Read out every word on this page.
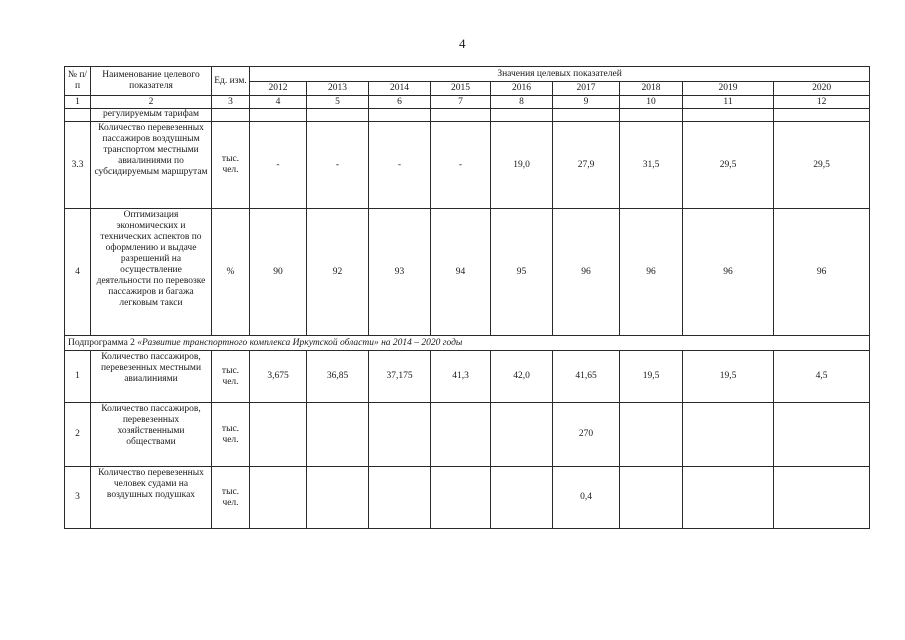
4
№ п/п	Наименование целевого показателя	Ед. изм.	Значения целевых показателей								
			2012	2013	2014	2015	2016	2017	2018	2019	2020
1	2	3	4	5	6	7	8	9	10	11	12
	регулируемым тарифам										
3.3	Количество перевезенных пассажиров воздушным транспортом местными авиалиниями по субсидируемым маршрутам	тыс. чел.	-	-	-	-	19,0	27,9	31,5	29,5	29,5
4	Оптимизация экономических и технических аспектов по оформлению и выдаче разрешений на осуществление деятельности по перевозке пассажиров и багажа легковым такси	%	90	92	93	94	95	96	96	96	96
Подпрограмма 2 «Развитие транспортного комплекса Иркутской области» на 2014 – 2020 годы											
1	Количество пассажиров, перевезенных местными авиалиниями	тыс. чел.	3,675	36,85	37,175	41,3	42,0	41,65	19,5	19,5	4,5
2	Количество пассажиров, перевезенных хозяйственными обществами	тыс. чел.						270			
3	Количество перевезенных человек судами на воздушных подушках	тыс. чел.						0,4			
